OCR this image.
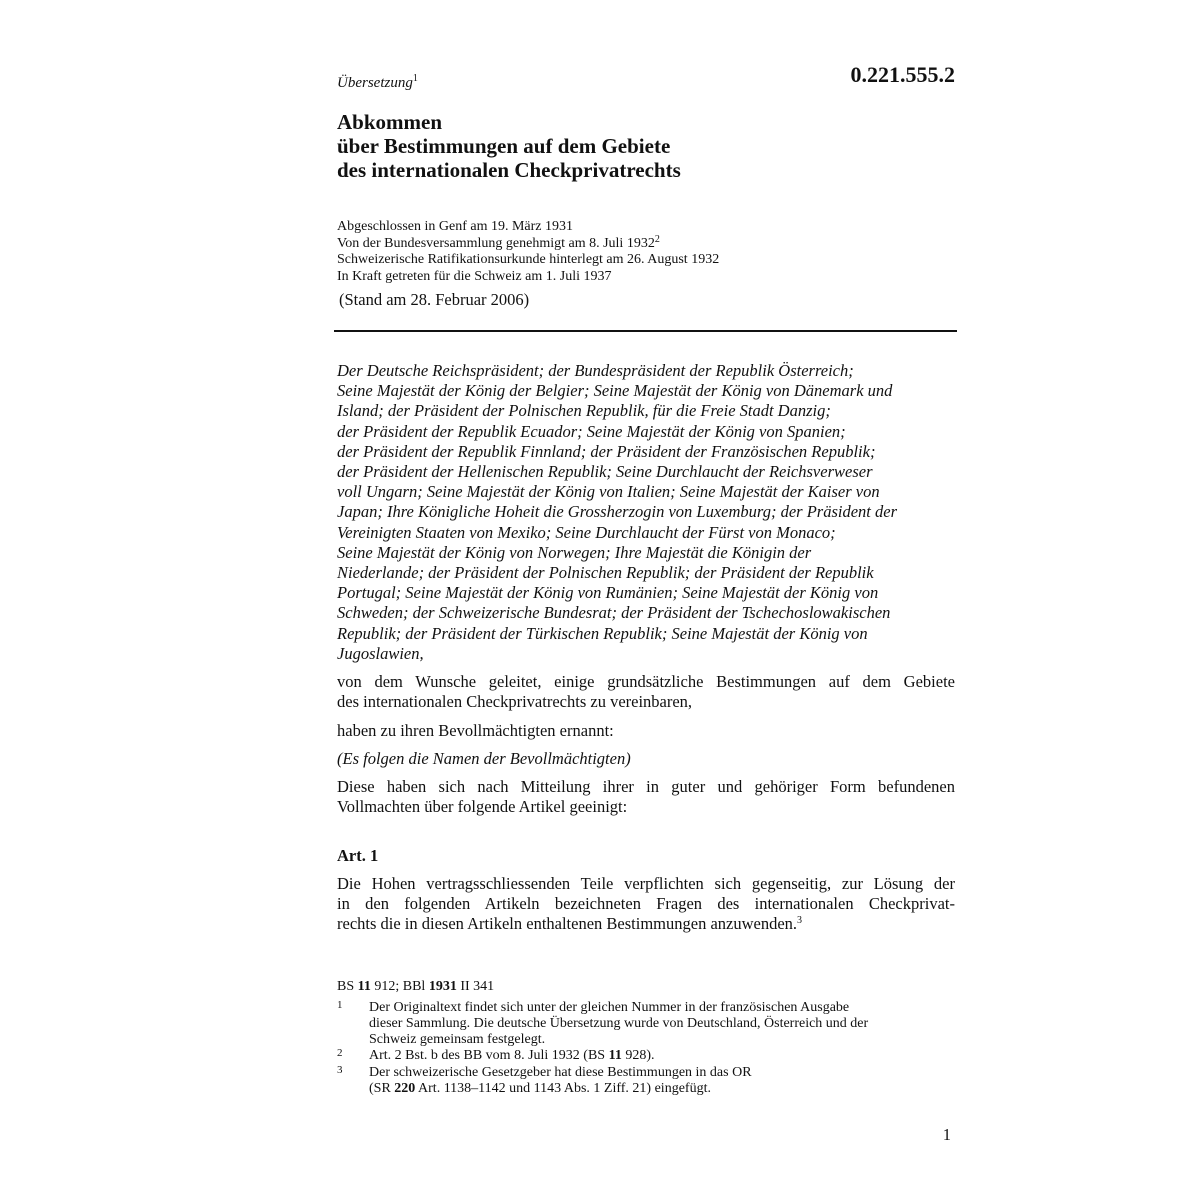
Übersetzung$^1$	0.221.555.2
Abkommen
über Bestimmungen auf dem Gebiete
des internationalen Checkprivatrechts
Abgeschlossen in Genf am 19. März 1931
Von der Bundesversammlung genehmigt am 8. Juli 1932$^2$
Schweizerische Ratifikationsurkunde hinterlegt am 26. August 1932
In Kraft getreten für die Schweiz am 1. Juli 1937
(Stand am 28. Februar 2006)
Der Deutsche Reichspräsident; der Bundespräsident der Republik Österreich;
Seine Majestät der König der Belgier; Seine Majestät der König von Dänemark und
Island; der Präsident der Polnischen Republik, für die Freie Stadt Danzig;
der Präsident der Republik Ecuador; Seine Majestät der König von Spanien;
der Präsident der Republik Finnland; der Präsident der Französischen Republik;
der Präsident der Hellenischen Republik; Seine Durchlaucht der Reichsverweser
voll Ungarn; Seine Majestät der König von Italien; Seine Majestät der Kaiser von
Japan; Ihre Königliche Hoheit die Grossherzogin von Luxemburg; der Präsident der
Vereinigten Staaten von Mexiko; Seine Durchlaucht der Fürst von Monaco;
Seine Majestät der König von Norwegen; Ihre Majestät die Königin der
Niederlande; der Präsident der Polnischen Republik; der Präsident der Republik
Portugal; Seine Majestät der König von Rumänien; Seine Majestät der König von
Schweden; der Schweizerische Bundesrat; der Präsident der Tschechoslowakischen
Republik; der Präsident der Türkischen Republik; Seine Majestät der König von
Jugoslawien,
von dem Wunsche geleitet, einige grundsätzliche Bestimmungen auf dem Gebiete
des internationalen Checkprivatrechts zu vereinbaren,
haben zu ihren Bevollmächtigten ernannt:
(Es folgen die Namen der Bevollmächtigten)
Diese haben sich nach Mitteilung ihrer in guter und gehöriger Form befundenen
Vollmachten über folgende Artikel geeinigt:
Art. 1
Die Hohen vertragsschliessenden Teile verpflichten sich gegenseitig, zur Lösung der
in den folgenden Artikeln bezeichneten Fragen des internationalen Checkprivat-
rechts die in diesen Artikeln enthaltenen Bestimmungen anzuwenden.$^3$
BS 11 912; BBl 1931 II 341
1 Der Originaltext findet sich unter der gleichen Nummer in der französischen Ausgabe
dieser Sammlung. Die deutsche Übersetzung wurde von Deutschland, Österreich und der
Schweiz gemeinsam festgelegt.
2 Art. 2 Bst. b des BB vom 8. Juli 1932 (BS 11 928).
3 Der schweizerische Gesetzgeber hat diese Bestimmungen in das OR
(SR 220 Art. 1138–1142 und 1143 Abs. 1 Ziff. 21) eingefügt.
1
